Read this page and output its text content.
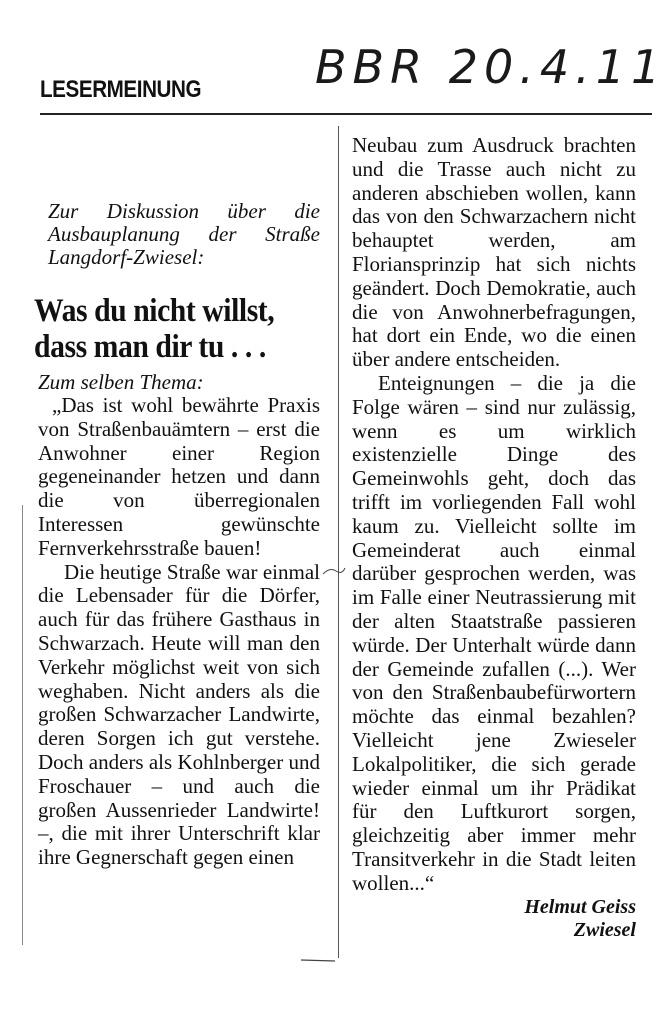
LESERMEINUNG BBR 20.4.11

Zur Diskussion über die Ausbauplanung der Straße Langdorf-Zwiesel:

Was du nicht willst, dass man dir tu . . .

Zum selben Thema:

„Das ist wohl bewährte Praxis von Straßenbauämtern – erst die Anwohner einer Region gegeneinander hetzen und dann die von überregionalen Interessen gewünschte Fernverkehrsstraße bauen!

Die heutige Straße war einmal die Lebensader für die Dörfer, auch für das frühere Gasthaus in Schwarzach. Heute will man den Verkehr möglichst weit von sich weghaben. Nicht anders als die großen Schwarzacher Landwirte, deren Sorgen ich gut verstehe. Doch anders als Kohlnberger und Froschauer – und auch die großen Aussenrieder Landwirte! –, die mit ihrer Unterschrift klar ihre Gegnerschaft gegen einen

Neubau zum Ausdruck brachten und die Trasse auch nicht zu anderen abschieben wollen, kann das von den Schwarzachern nicht behauptet werden, am Floriansprinzip hat sich nichts geändert. Doch Demokratie, auch die von Anwohnerbefragungen, hat dort ein Ende, wo die einen über andere entscheiden.

Enteignungen – die ja die Folge wären – sind nur zulässig, wenn es um wirklich existenzielle Dinge des Gemeinwohls geht, doch das trifft im vorliegenden Fall wohl kaum zu. Vielleicht sollte im Gemeinderat auch einmal darüber gesprochen werden, was im Falle einer Neutrassierung mit der alten Staatstraße passieren würde. Der Unterhalt würde dann der Gemeinde zufallen (...). Wer von den Straßenbaubefürwortern möchte das einmal bezahlen? Vielleicht jene Zwieseler Lokalpolitiker, die sich gerade wieder einmal um ihr Prädikat für den Luftkurort sorgen, gleichzeitig aber immer mehr Transitverkehr in die Stadt leiten wollen...“

Helmut Geiss

Zwiesel
